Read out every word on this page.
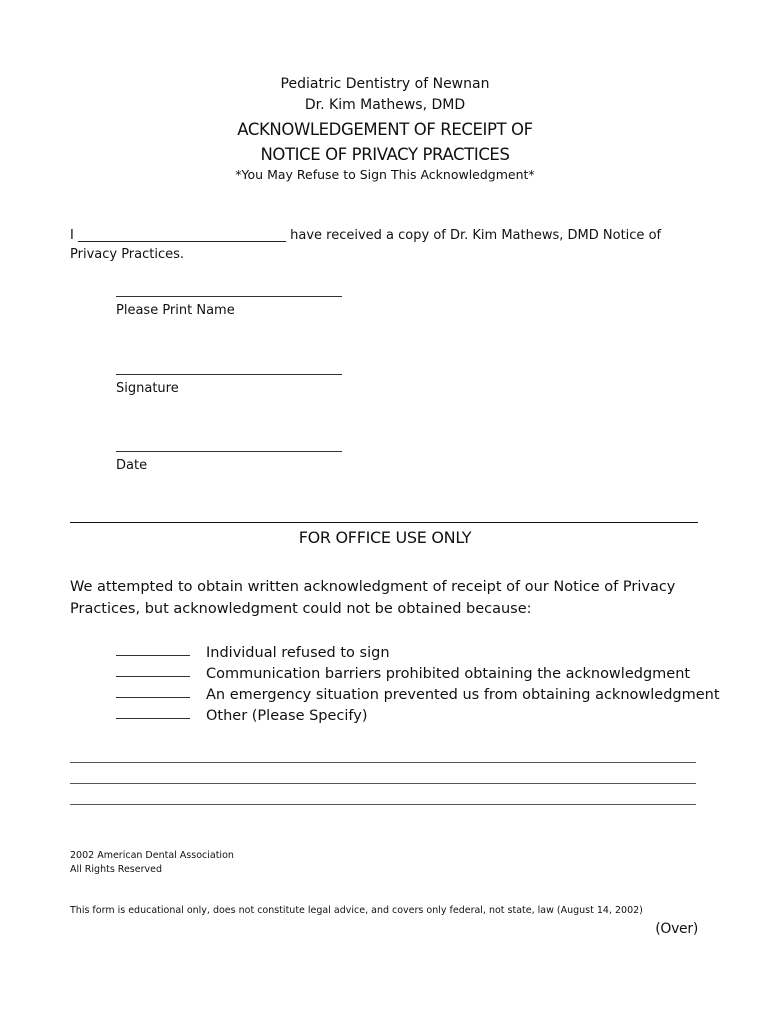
Pediatric Dentistry of Newnan
Dr. Kim Mathews, DMD
ACKNOWLEDGEMENT OF RECEIPT OF
NOTICE OF PRIVACY PRACTICES
*You May Refuse to Sign This Acknowledgment*
I ________________________________ have received a copy of Dr. Kim Mathews, DMD Notice of Privacy Practices.
Please Print Name
Signature
Date
FOR OFFICE USE ONLY
We attempted to obtain written acknowledgment of receipt of our Notice of Privacy Practices, but acknowledgment could not be obtained because:
Individual refused to sign
Communication barriers prohibited obtaining the acknowledgment
An emergency situation prevented us from obtaining acknowledgment
Other (Please Specify)
2002 American Dental Association
All Rights Reserved
This form is educational only, does not constitute legal advice, and covers only federal, not state, law (August 14, 2002)
(Over)
